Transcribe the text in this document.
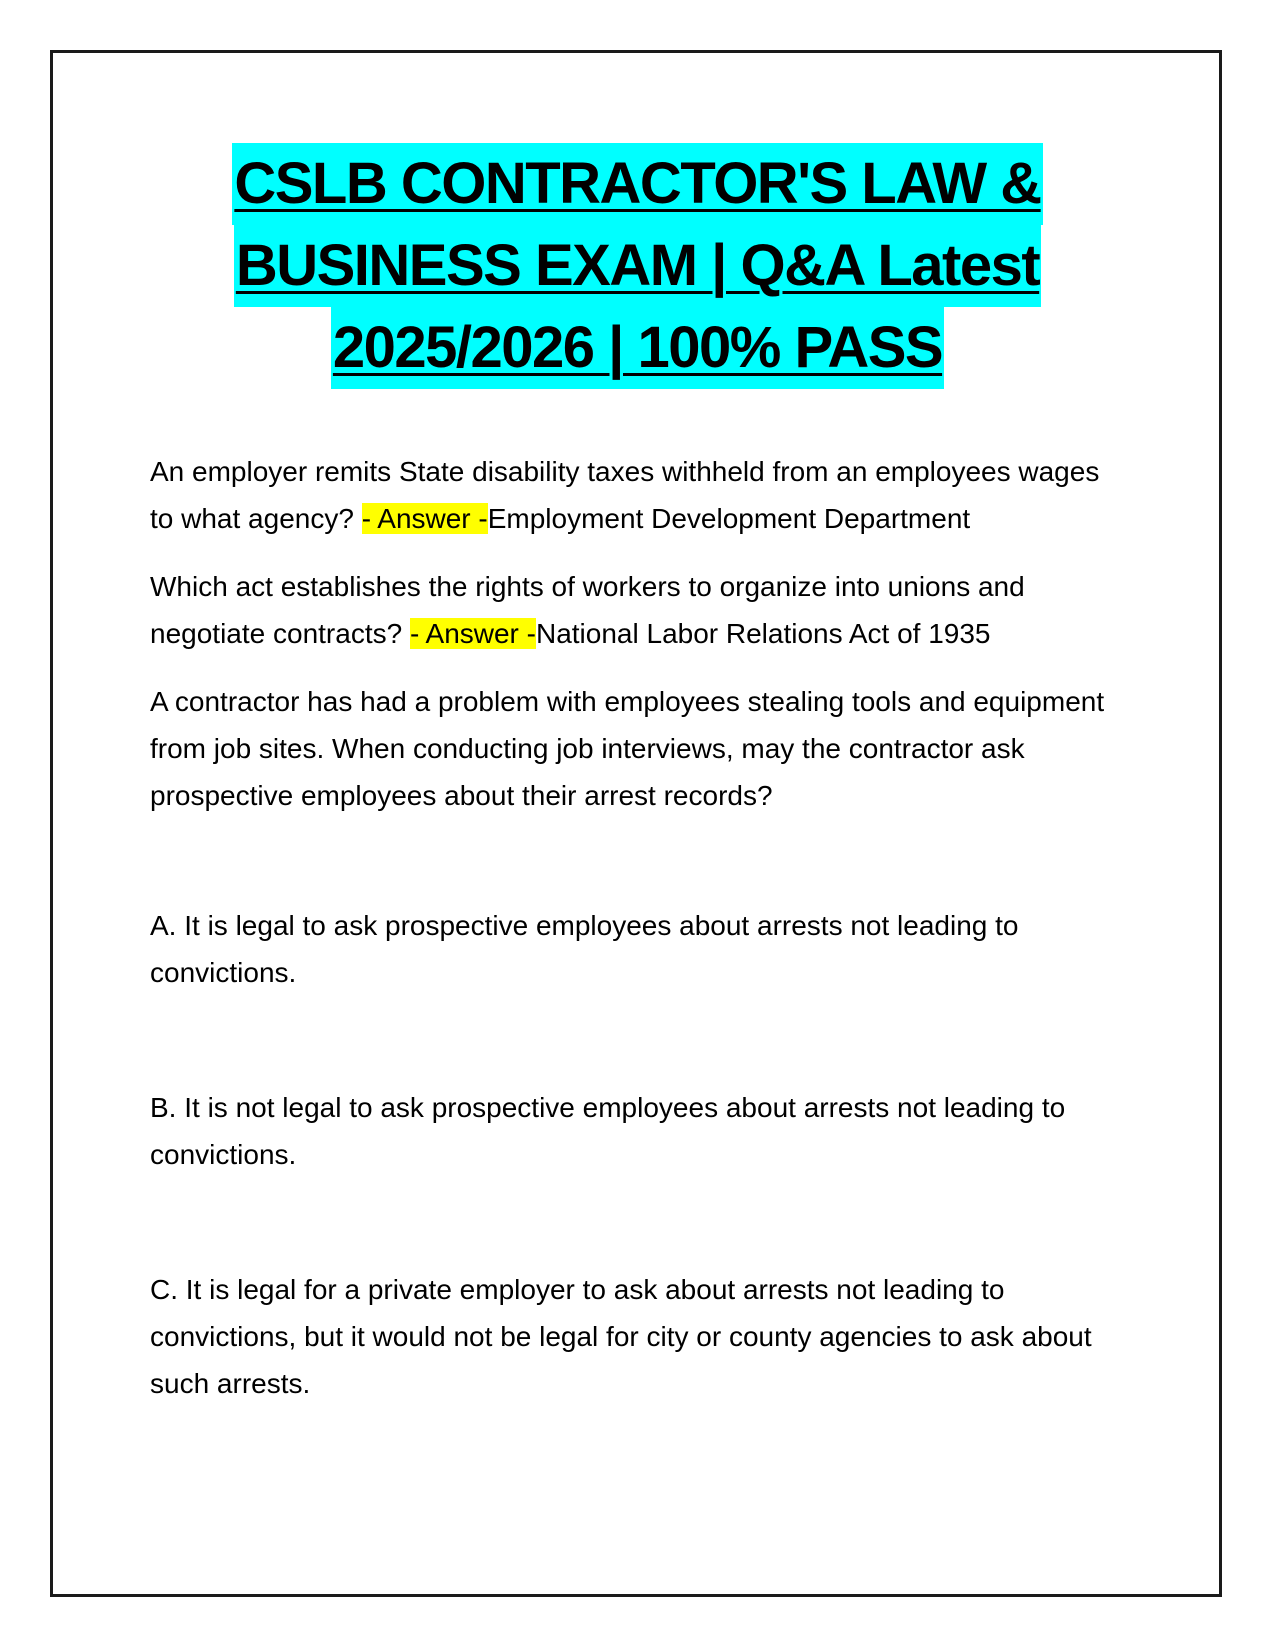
CSLB CONTRACTOR'S LAW &
BUSINESS EXAM | Q&A Latest
2025/2026 | 100% PASS

An employer remits State disability taxes withheld from an employees wages to what agency? - Answer -Employment Development Department

Which act establishes the rights of workers to organize into unions and negotiate contracts? - Answer -National Labor Relations Act of 1935

A contractor has had a problem with employees stealing tools and equipment from job sites. When conducting job interviews, may the contractor ask prospective employees about their arrest records?

A. It is legal to ask prospective employees about arrests not leading to convictions.

B. It is not legal to ask prospective employees about arrests not leading to convictions.

C. It is legal for a private employer to ask about arrests not leading to convictions, but it would not be legal for city or county agencies to ask about such arrests.
